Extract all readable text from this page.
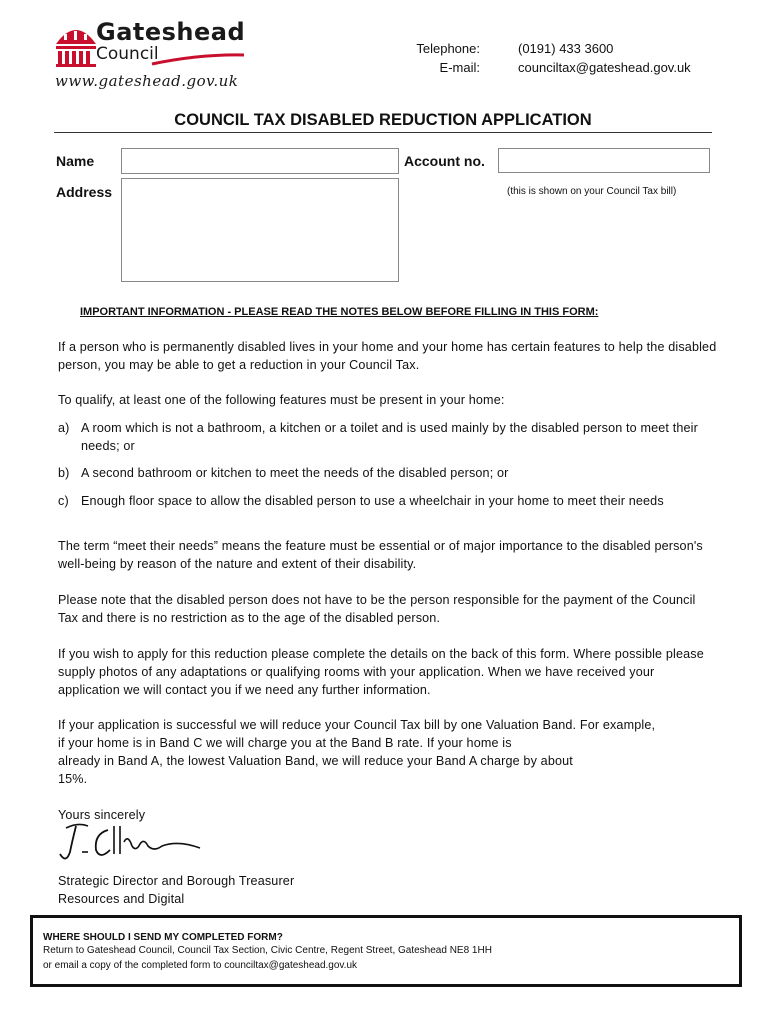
Gateshead
Council
www.gateshead.gov.uk
Telephone:	(0191) 433 3600
E-mail:	counciltax@gateshead.gov.uk
COUNCIL TAX DISABLED REDUCTION APPLICATION
Name	Account no.
(this is shown on your Council Tax bill)
Address
IMPORTANT INFORMATION - PLEASE READ THE NOTES BELOW BEFORE FILLING IN THIS FORM:
If a person who is permanently disabled lives in your home and your home has certain features to help the disabled person, you may be able to get a reduction in your Council Tax.
To qualify, at least one of the following features must be present in your home:
a) A room which is not a bathroom, a kitchen or a toilet and is used mainly by the disabled person to meet their needs; or
b) A second bathroom or kitchen to meet the needs of the disabled person; or
c) Enough floor space to allow the disabled person to use a wheelchair in your home to meet their needs
The term “meet their needs” means the feature must be essential or of major importance to the disabled person's well-being by reason of the nature and extent of their disability.
Please note that the disabled person does not have to be the person responsible for the payment of the Council Tax and there is no restriction as to the age of the disabled person.
If you wish to apply for this reduction please complete the details on the back of this form. Where possible please supply photos of any adaptations or qualifying rooms with your application. When we have received your application we will contact you if we need any further information.
If your application is successful we will reduce your Council Tax bill by one Valuation Band. For example,
if your home is in Band C we will charge you at the Band B rate. If your home is
already in Band A, the lowest Valuation Band, we will reduce your Band A charge by about
15%.
Yours sincerely
Strategic Director and Borough Treasurer
Resources and Digital
WHERE SHOULD I SEND MY COMPLETED FORM?
Return to Gateshead Council, Council Tax Section, Civic Centre, Regent Street, Gateshead NE8 1HH
or email a copy of the completed form to counciltax@gateshead.gov.uk
